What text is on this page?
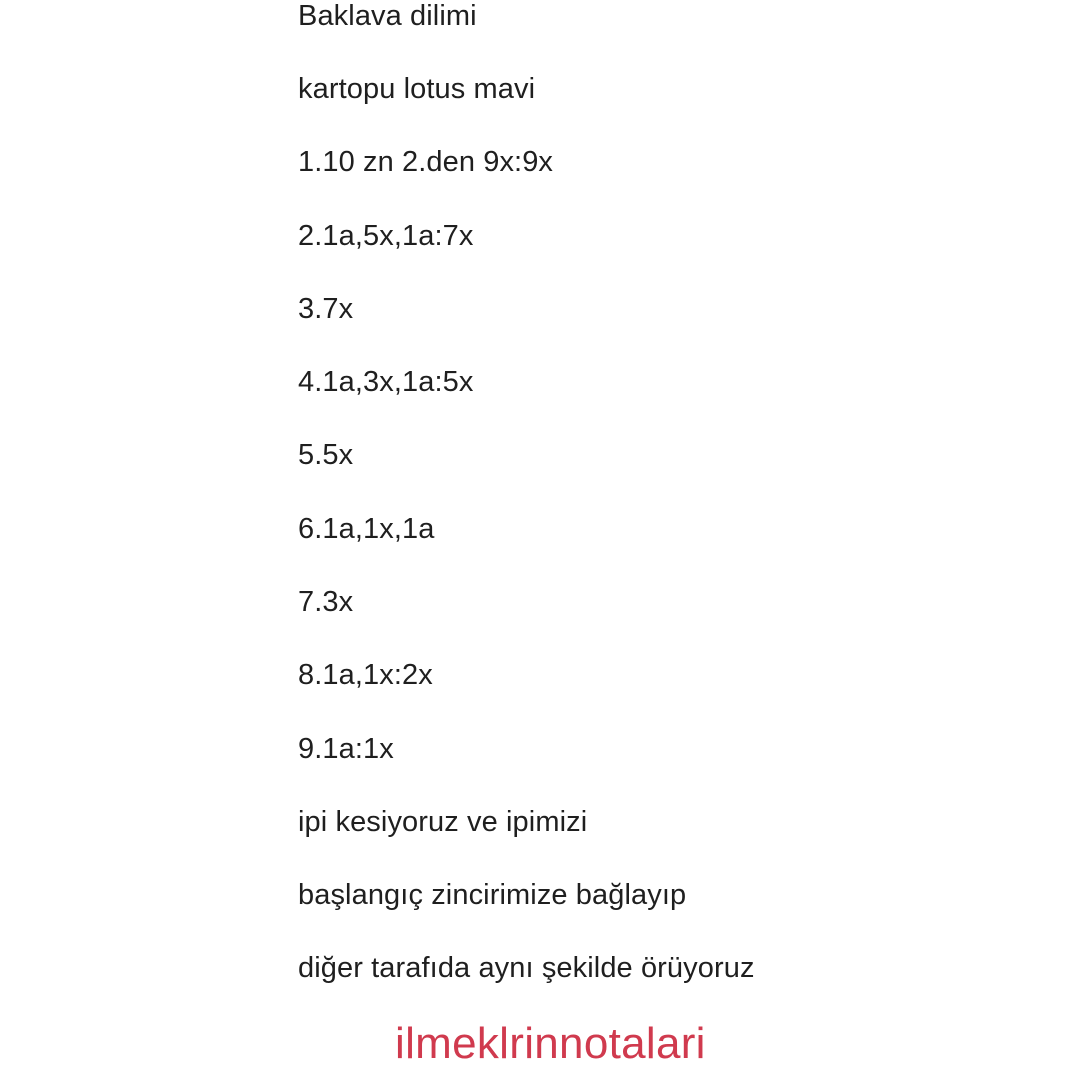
Baklava dilimi
kartopu lotus mavi
1.10 zn 2.den 9x:9x
2.1a,5x,1a:7x
3.7x
4.1a,3x,1a:5x
5.5x
6.1a,1x,1a
7.3x
8.1a,1x:2x
9.1a:1x
ipi kesiyoruz ve ipimizi
başlangıç zincirimize bağlayıp
diğer tarafıda aynı şekilde örüyoruz
ilmeklrinnotalari
